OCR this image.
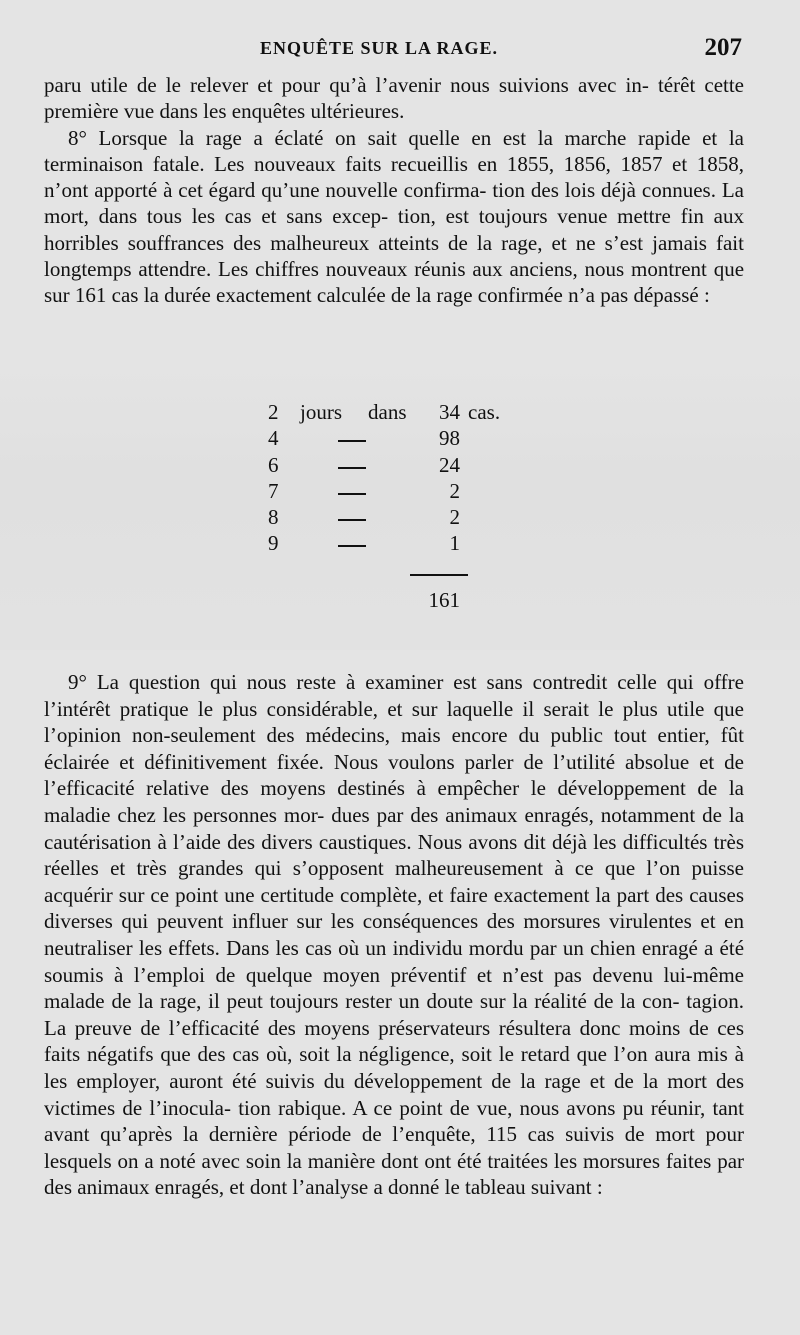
ENQUÊTE SUR LA RAGE.	207

paru utile de le relever et pour qu’à l’avenir nous suivions avec in- térêt cette première vue dans les enquêtes ultérieures.

8° Lorsque la rage a éclaté on sait quelle en est la marche rapide et la terminaison fatale. Les nouveaux faits recueillis en 1855, 1856, 1857 et 1858, n’ont apporté à cet égard qu’une nouvelle confirma- tion des lois déjà connues. La mort, dans tous les cas et sans excep- tion, est toujours venue mettre fin aux horribles souffrances des malheureux atteints de la rage, et ne s’est jamais fait longtemps attendre. Les chiffres nouveaux réunis aux anciens, nous montrent que sur 161 cas la durée exactement calculée de la rage confirmée n’a pas dépassé :

2	jours dans	34 cas.
4	98
6	24
7	2
8	2
9	1
161

9° La question qui nous reste à examiner est sans contredit celle qui offre l’intérêt pratique le plus considérable, et sur laquelle il serait le plus utile que l’opinion non-seulement des médecins, mais encore du public tout entier, fût éclairée et définitivement fixée. Nous voulons parler de l’utilité absolue et de l’efficacité relative des moyens destinés à empêcher le développement de la maladie chez les personnes mor- dues par des animaux enragés, notamment de la cautérisation à l’aide des divers caustiques. Nous avons dit déjà les difficultés très réelles et très grandes qui s’opposent malheureusement à ce que l’on puisse acquérir sur ce point une certitude complète, et faire exactement la part des causes diverses qui peuvent influer sur les conséquences des morsures virulentes et en neutraliser les effets. Dans les cas où un individu mordu par un chien enragé a été soumis à l’emploi de quelque moyen préventif et n’est pas devenu lui-même malade de la rage, il peut toujours rester un doute sur la réalité de la con- tagion. La preuve de l’efficacité des moyens préservateurs résultera donc moins de ces faits négatifs que des cas où, soit la négligence, soit le retard que l’on aura mis à les employer, auront été suivis du développement de la rage et de la mort des victimes de l’inocula- tion rabique. A ce point de vue, nous avons pu réunir, tant avant qu’après la dernière période de l’enquête, 115 cas suivis de mort pour lesquels on a noté avec soin la manière dont ont été traitées les morsures faites par des animaux enragés, et dont l’analyse a donné le tableau suivant :
